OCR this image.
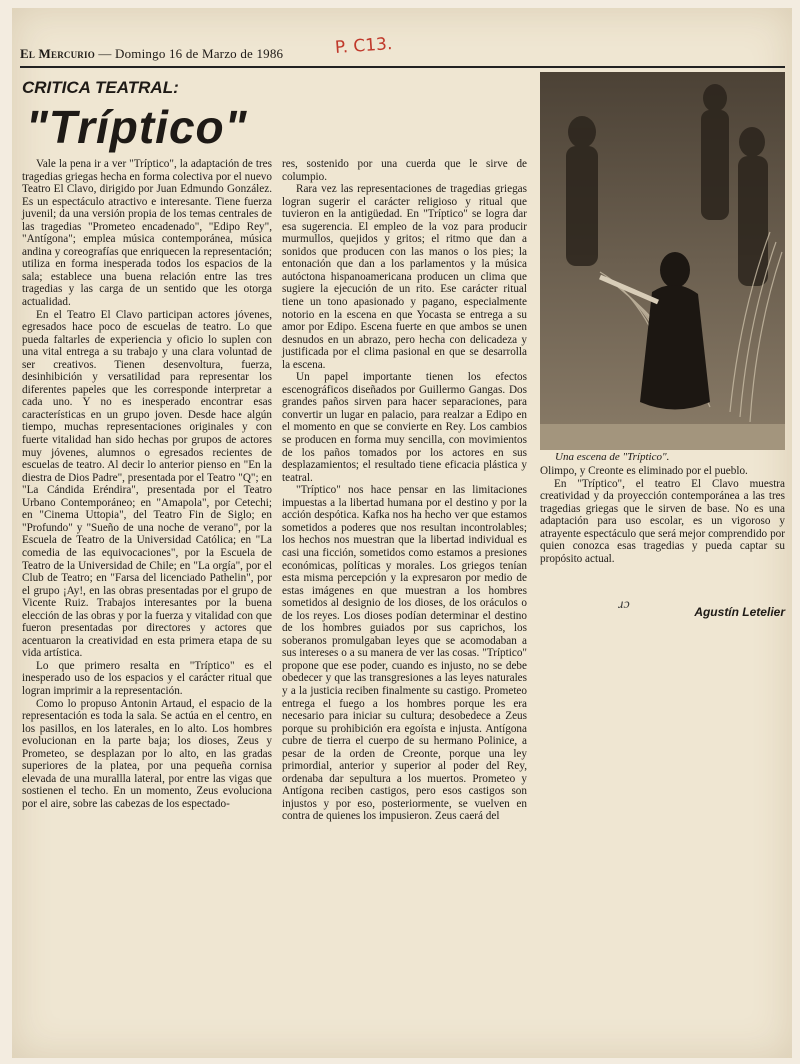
El Mercurio — Domingo 16 de Marzo de 1986	P. C13.
CRITICA TEATRAL:
"Tríptico"

Vale la pena ir a ver "Tríptico", la adaptación de tres tragedias griegas hecha en forma colectiva por el nuevo Teatro El Clavo, dirigido por Juan Edmundo González. Es un espectáculo atractivo e interesante. Tiene fuerza juvenil; da una versión propia de los temas centrales de las tragedias "Prometeo encadenado", "Edipo Rey", "Antígona"; emplea música contemporánea, música andina y coreografías que enriquecen la representación; utiliza en forma inesperada todos los espacios de la sala; establece una buena relación entre las tres tragedias y las carga de un sentido que les otorga actualidad.

En el Teatro El Clavo participan actores jóvenes, egresados hace poco de escuelas de teatro. Lo que pueda faltarles de experiencia y oficio lo suplen con una vital entrega a su trabajo y una clara voluntad de ser creativos. Tienen desenvoltura, fuerza, desinhibición y versatilidad para representar los diferentes papeles que les corresponde interpretar a cada uno. Y no es inesperado encontrar esas características en un grupo joven. Desde hace algún tiempo, muchas representaciones originales y con fuerte vitalidad han sido hechas por grupos de actores muy jóvenes, alumnos o egresados recientes de escuelas de teatro. Al decir lo anterior pienso en "En la diestra de Dios Padre", presentada por el Teatro "Q"; en "La Cándida Eréndira", presentada por el Teatro Urbano Contemporáneo; en "Amapola", por Cetechi; en "Cinema Uttopia", del Teatro Fin de Siglo; en "Profundo" y "Sueño de una noche de verano", por la Escuela de Teatro de la Universidad Católica; en "La comedia de las equivocaciones", por la Escuela de Teatro de la Universidad de Chile; en "La orgía", por el Club de Teatro; en "Farsa del licenciado Pathelin", por el grupo ¡Ay!, en las obras presentadas por el grupo de Vicente Ruiz. Trabajos interesantes por la buena elección de las obras y por la fuerza y vitalidad con que fueron presentadas por directores y actores que acentuaron la creatividad en esta primera etapa de su vida artística.

Lo que primero resalta en "Tríptico" es el inesperado uso de los espacios y el carácter ritual que logran imprimir a la representación.

Como lo propuso Antonin Artaud, el espacio de la representación es toda la sala. Se actúa en el centro, en los pasillos, en los laterales, en lo alto. Los hombres evolucionan en la parte baja; los dioses, Zeus y Prometeo, se desplazan por lo alto, en las gradas superiores de la platea, por una pequeña cornisa elevada de una murallla lateral, por entre las vigas que sostienen el techo. En un momento, Zeus evoluciona por el aire, sobre las cabezas de los espectado-

res, sostenido por una cuerda que le sirve de columpio.

Rara vez las representaciones de tragedias griegas logran sugerir el carácter religioso y ritual que tuvieron en la antigüedad. En "Tríptico" se logra dar esa sugerencia. El empleo de la voz para producir murmullos, quejidos y gritos; el ritmo que dan a sonidos que producen con las manos o los pies; la entonación que dan a los parlamentos y la música autóctona hispanoamericana producen un clima que sugiere la ejecución de un rito. Ese carácter ritual tiene un tono apasionado y pagano, especialmente notorio en la escena en que Yocasta se entrega a su amor por Edipo. Escena fuerte en que ambos se unen desnudos en un abrazo, pero hecha con delicadeza y justificada por el clima pasional en que se desarrolla la escena.

Un papel importante tienen los efectos escenográficos diseñados por Guillermo Gangas. Dos grandes paños sirven para hacer separaciones, para convertir un lugar en palacio, para realzar a Edipo en el momento en que se convierte en Rey. Los cambios se producen en forma muy sencilla, con movimientos de los paños tomados por los actores en sus desplazamientos; el resultado tiene eficacia plástica y teatral.

"Tríptico" nos hace pensar en las limitaciones impuestas a la libertad humana por el destino y por la acción despótica. Kafka nos ha hecho ver que estamos sometidos a poderes que nos resultan incontrolables; los hechos nos muestran que la libertad individual es casi una ficción, sometidos como estamos a presiones económicas, políticas y morales. Los griegos tenían esta misma percepción y la expresaron por medio de estas imágenes en que muestran a los hombres sometidos al designio de los dioses, de los oráculos o de los reyes. Los dioses podían determinar el destino de los hombres guiados por sus caprichos, los soberanos promulgaban leyes que se acomodaban a sus intereses o a su manera de ver las cosas. "Tríptico" propone que ese poder, cuando es injusto, no se debe obedecer y que las transgresiones a las leyes naturales y a la justicia reciben finalmente su castigo. Prometeo entrega el fuego a los hombres porque les era necesario para iniciar su cultura; desobedece a Zeus porque su prohibición era egoísta e injusta. Antígona cubre de tierra el cuerpo de su hermano Polinice, a pesar de la orden de Creonte, porque una ley primordial, anterior y superior al poder del Rey, ordenaba dar sepultura a los muertos. Prometeo y Antígona reciben castigos, pero esos castigos son injustos y por eso, posteriormente, se vuelven en contra de quienes los impusieron. Zeus caerá del

Una escena de "Tríptico".

Olimpo, y Creonte es eliminado por el pueblo.

En "Tríptico", el teatro El Clavo muestra creatividad y da proyección contemporánea a las tres tragedias griegas que le sirven de base. No es una adaptación para uso escolar, es un vigoroso y atrayente espectáculo que será mejor comprendido por quien conozca esas tragedias y pueda captar su propósito actual.

ɹɔ	Agustín Letelier
